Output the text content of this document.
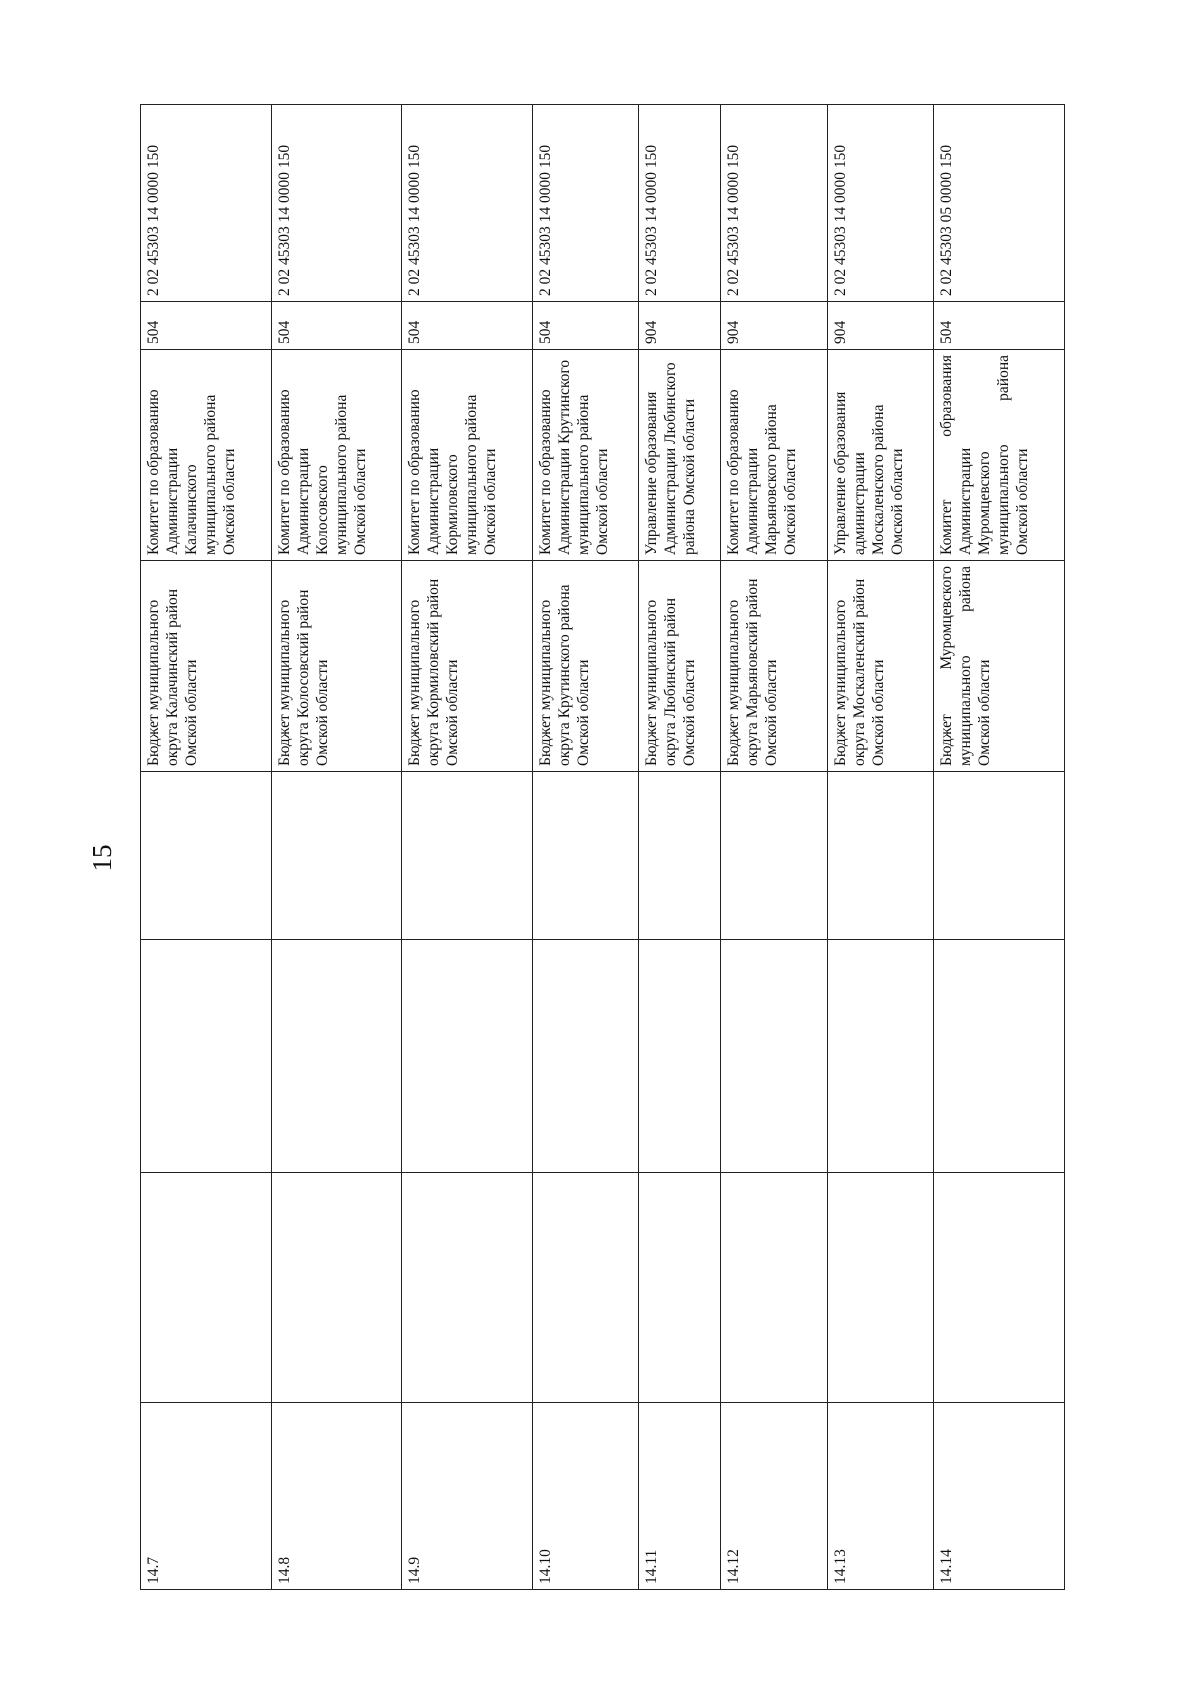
15
14.7				Бюджет муниципального округа Калачинский район Омской области	Комитет по образованию Администрации Калачинского муниципального района Омской области	504	2 02 45303 14 0000 150
14.8				Бюджет муниципального округа Колосовский район Омской области	Комитет по образованию Администрации Колосовского муниципального района Омской области	504	2 02 45303 14 0000 150
14.9				Бюджет муниципального округа Кормиловский район Омской области	Комитет по образованию Администрации Кормиловского муниципального района Омской области	504	2 02 45303 14 0000 150
14.10				Бюджет муниципального округа Крутинского района Омской области	Комитет по образованию Администрации Крутинского муниципального района Омской области	504	2 02 45303 14 0000 150
14.11				Бюджет муниципального округа Любинский район Омской области	Управление образования Администрации Любинского района Омской области	904	2 02 45303 14 0000 150
14.12				Бюджет муниципального округа Марьяновский район Омской области	Комитет по образованию Администрации Марьяновского района Омской области	904	2 02 45303 14 0000 150
14.13				Бюджет муниципального округа Москаленский район Омской области	Управление образования администрации Москаленского района Омской области	904	2 02 45303 14 0000 150
14.14				Бюджет Муромцевского муниципального района Омской области	Комитет образования Администрации Муромцевского муниципального района Омской области	504	2 02 45303 05 0000 150
